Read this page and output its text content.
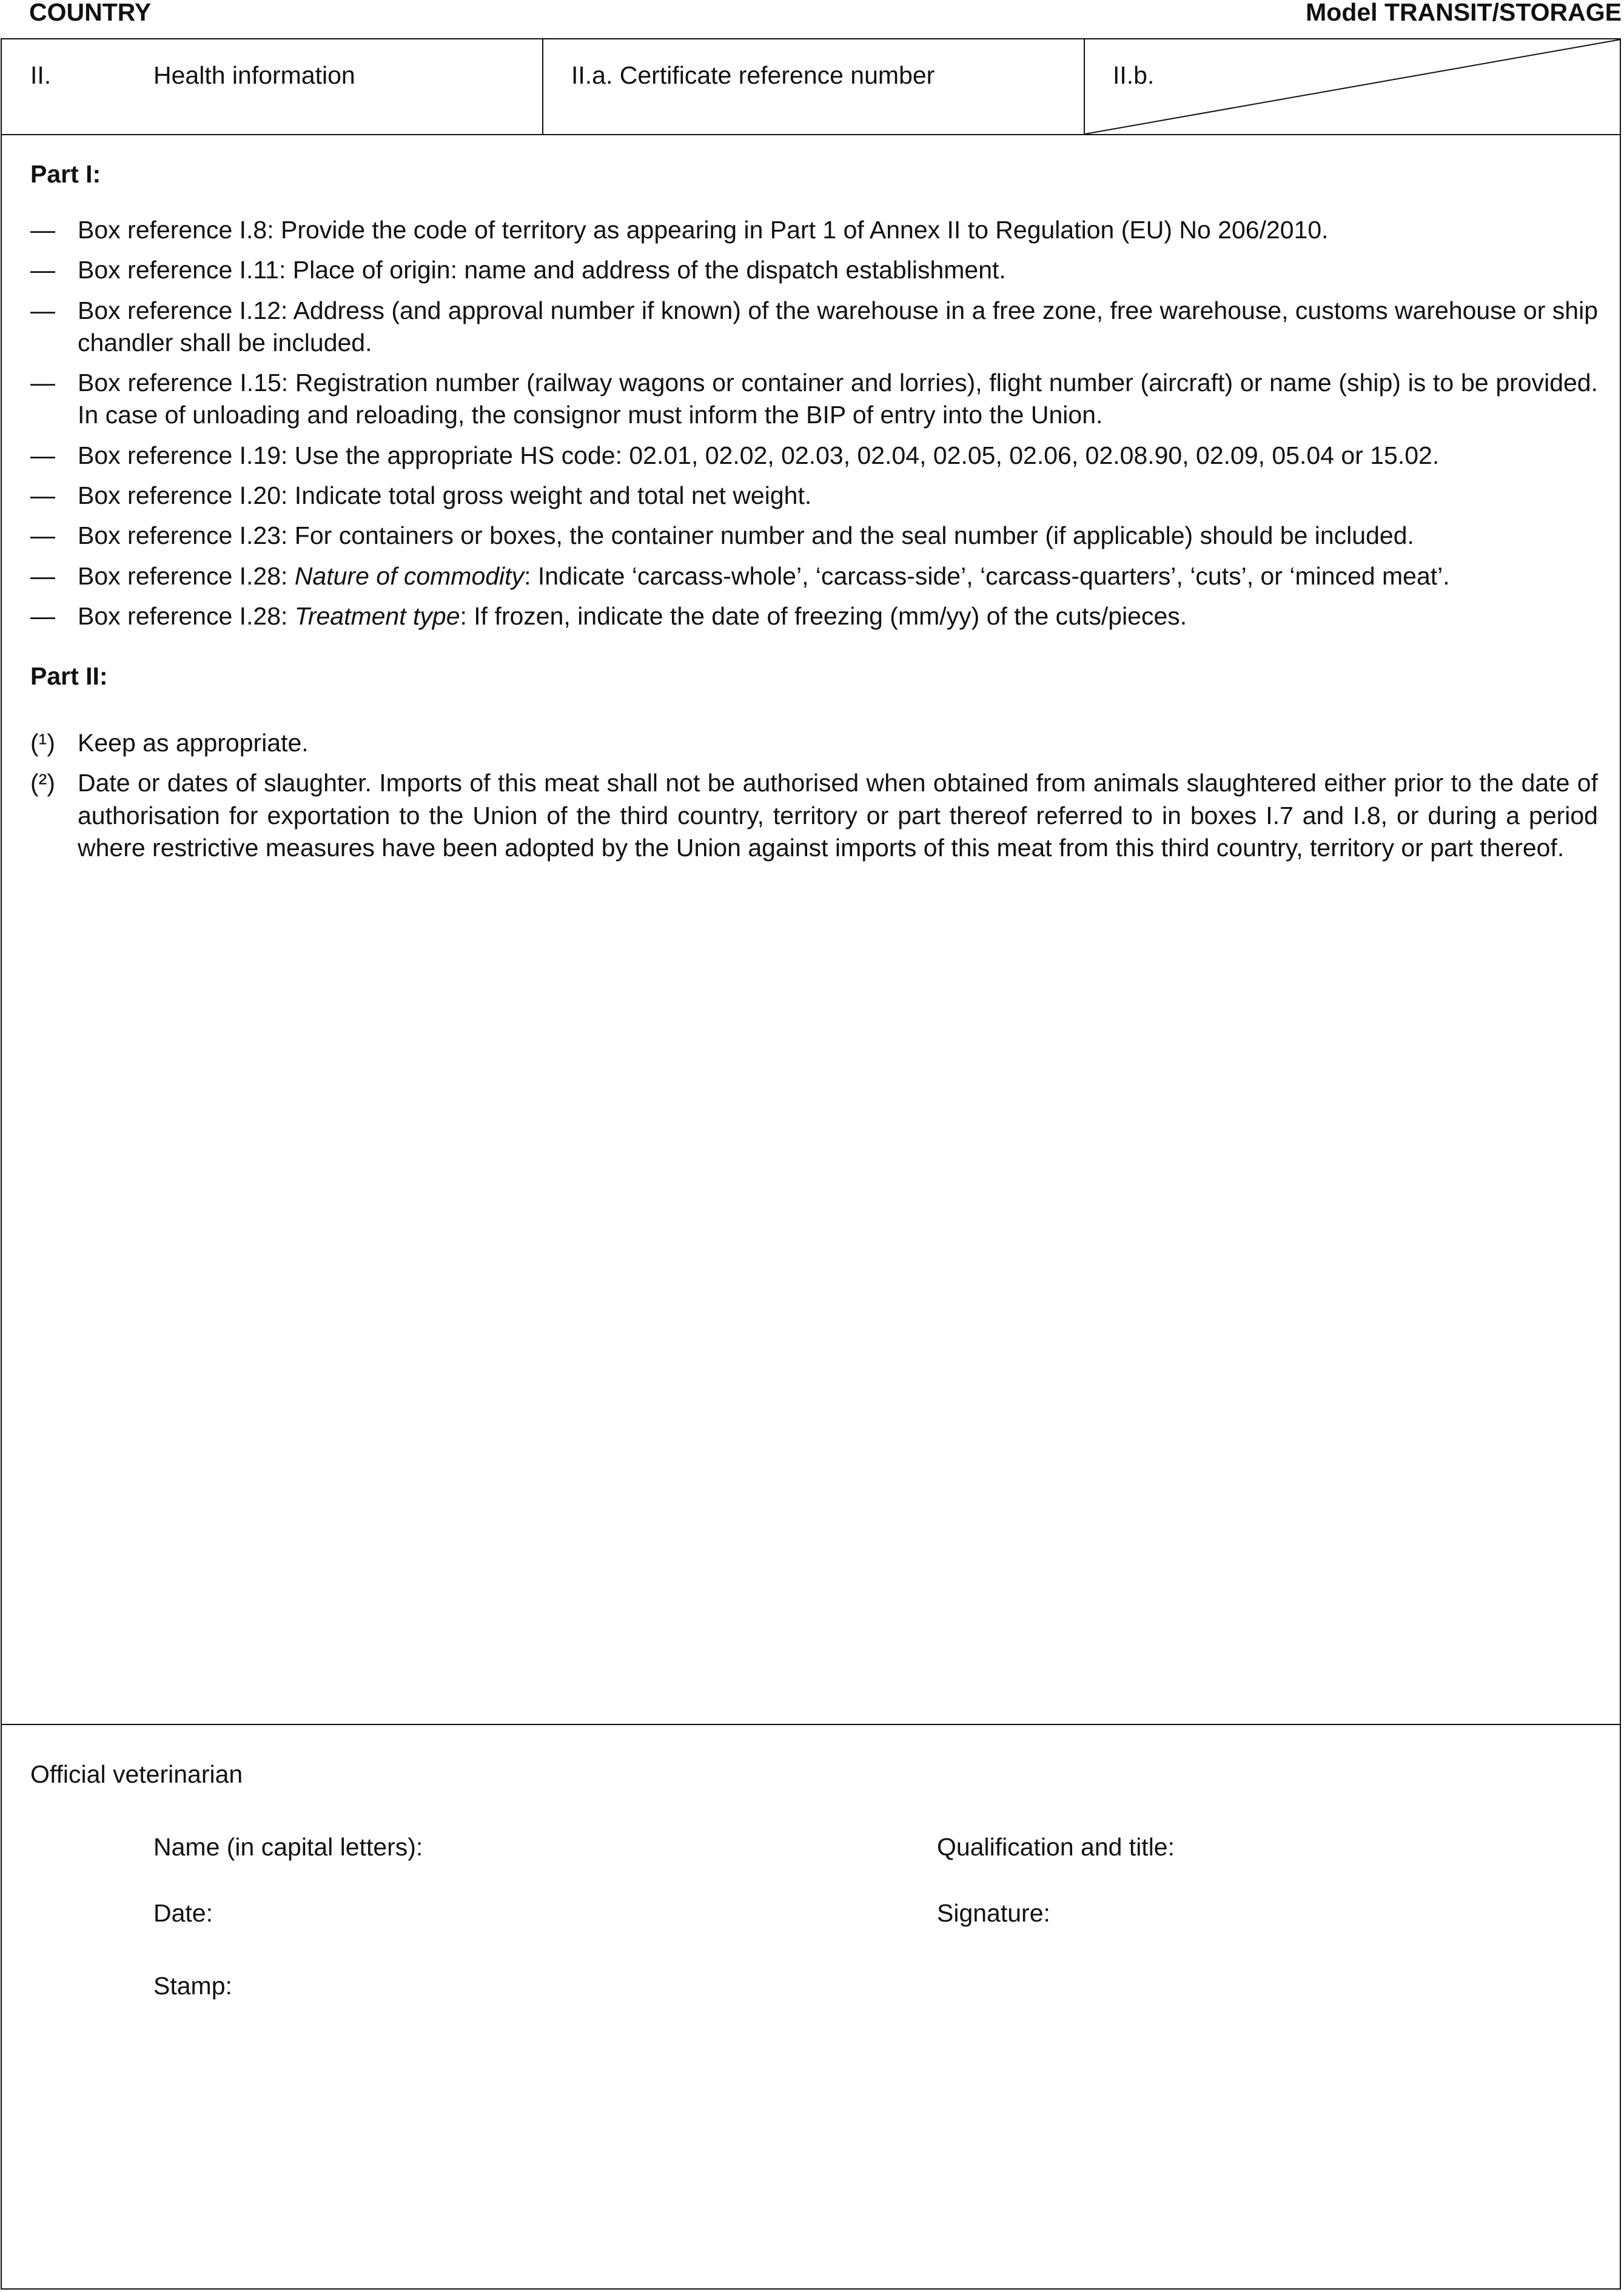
COUNTRY	Model TRANSIT/STORAGE
II.	Health information	II.a. Certificate reference number	II.b.
Part I:
— Box reference I.8: Provide the code of territory as appearing in Part 1 of Annex II to Regulation (EU) No 206/2010.
— Box reference I.11: Place of origin: name and address of the dispatch establishment.
— Box reference I.12: Address (and approval number if known) of the warehouse in a free zone, free warehouse, customs warehouse or ship chandler shall be included.
— Box reference I.15: Registration number (railway wagons or container and lorries), flight number (aircraft) or name (ship) is to be provided. In case of unloading and reloading, the consignor must inform the BIP of entry into the Union.
— Box reference I.19: Use the appropriate HS code: 02.01, 02.02, 02.03, 02.04, 02.05, 02.06, 02.08.90, 02.09, 05.04 or 15.02.
— Box reference I.20: Indicate total gross weight and total net weight.
— Box reference I.23: For containers or boxes, the container number and the seal number (if applicable) should be included.
— Box reference I.28: Nature of commodity: Indicate ‘carcass-whole’, ‘carcass-side’, ‘carcass-quarters’, ‘cuts’, or ‘minced meat’.
— Box reference I.28: Treatment type: If frozen, indicate the date of freezing (mm/yy) of the cuts/pieces.
Part II:
(¹) Keep as appropriate.
(²) Date or dates of slaughter. Imports of this meat shall not be authorised when obtained from animals slaughtered either prior to the date of authorisation for exportation to the Union of the third country, territory or part thereof referred to in boxes I.7 and I.8, or during a period where restrictive measures have been adopted by the Union against imports of this meat from this third country, territory or part thereof.
Official veterinarian
Name (in capital letters):	Qualification and title:
Date:	Signature:
Stamp:
